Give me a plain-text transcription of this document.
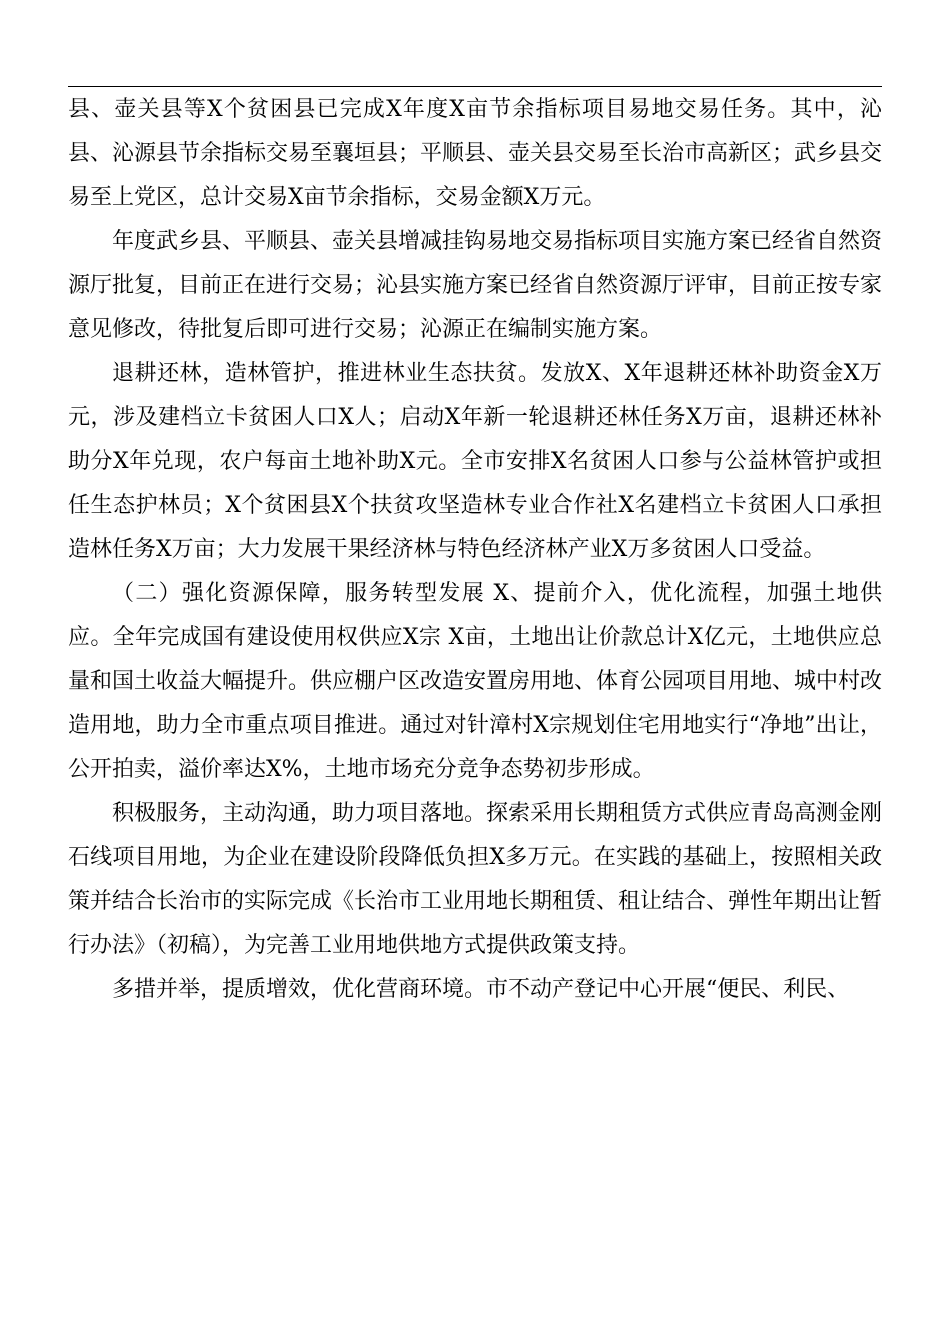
县、壶关县等X个贫困县已完成X年度X亩节余指标项目易地交易任务。其中，沁县、沁源县节余指标交易至襄垣县；平顺县、壶关县交易至长治市高新区；武乡县交易至上党区，总计交易X亩节余指标，交易金额X万元。

年度武乡县、平顺县、壶关县增减挂钩易地交易指标项目实施方案已经省自然资源厅批复，目前正在进行交易；沁县实施方案已经省自然资源厅评审，目前正按专家意见修改，待批复后即可进行交易；沁源正在编制实施方案。

退耕还林，造林管护，推进林业生态扶贫。发放X、X年退耕还林补助资金X万元，涉及建档立卡贫困人口X人；启动X年新一轮退耕还林任务X万亩，退耕还林补助分X年兑现，农户每亩土地补助X元。全市安排X名贫困人口参与公益林管护或担任生态护林员；X个贫困县X个扶贫攻坚造林专业合作社X名建档立卡贫困人口承担造林任务X万亩；大力发展干果经济林与特色经济林产业X万多贫困人口受益。

（二）强化资源保障，服务转型发展 X、提前介入，优化流程，加强土地供应。全年完成国有建设使用权供应X宗 X亩，土地出让价款总计X亿元，土地供应总量和国土收益大幅提升。供应棚户区改造安置房用地、体育公园项目用地、城中村改造用地，助力全市重点项目推进。通过对针漳村X宗规划住宅用地实行“净地”出让，公开拍卖，溢价率达X%，土地市场充分竞争态势初步形成。

积极服务，主动沟通，助力项目落地。探索采用长期租赁方式供应青岛高测金刚石线项目用地，为企业在建设阶段降低负担X多万元。在实践的基础上，按照相关政策并结合长治市的实际完成《长治市工业用地长期租赁、租让结合、弹性年期出让暂行办法》（初稿），为完善工业用地供地方式提供政策支持。

多措并举，提质增效，优化营商环境。市不动产登记中心开展“便民、利民、
